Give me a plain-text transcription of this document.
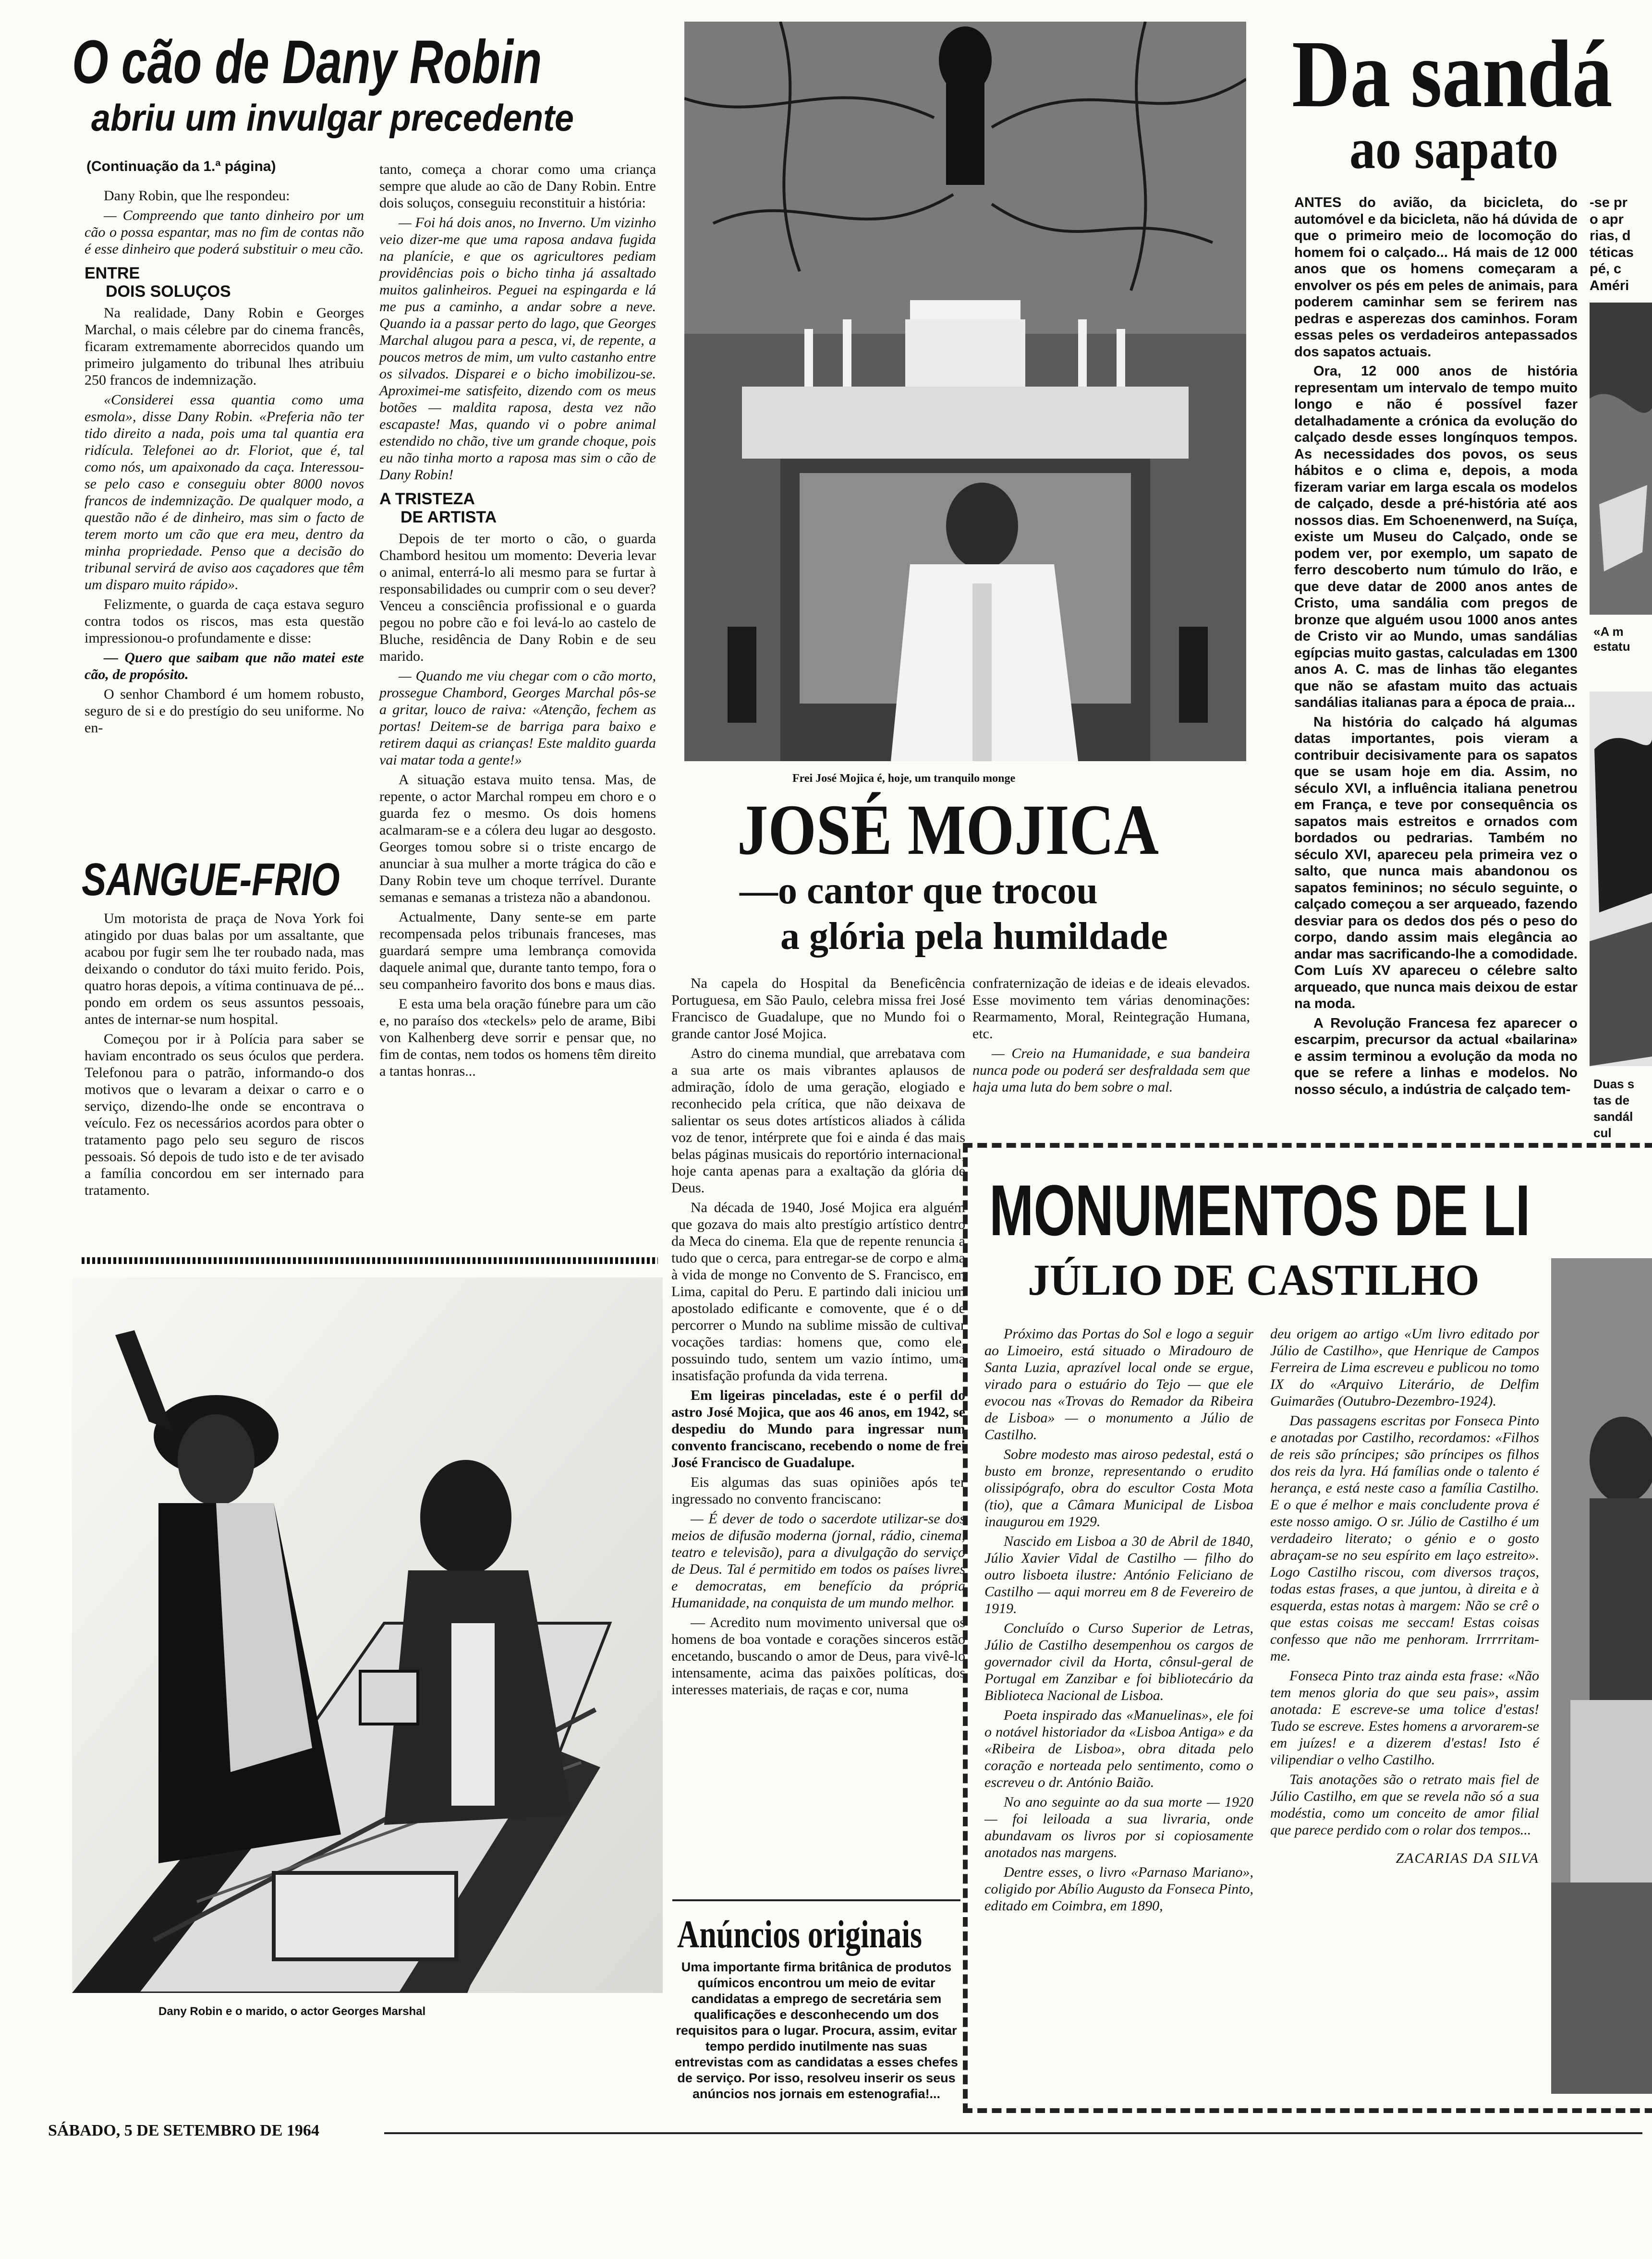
O cão de Dany Robin
abriu um invulgar precedente
(Continuação da 1.ª página)

Dany Robin, que lhe respondeu:

— Compreendo que tanto dinheiro por um cão o possa espantar, mas no fim de contas não é esse dinheiro que poderá substituir o meu cão.

ENTRE
DOIS SOLUÇOS

Na realidade, Dany Robin e Georges Marchal, o mais célebre par do cinema francês, ficaram extremamente aborrecidos quando um primeiro julgamento do tribunal lhes atribuiu 250 francos de indemnização.

«Considerei essa quantia como uma esmola», disse Dany Robin. «Preferia não ter tido direito a nada, pois uma tal quantia era ridícula. Telefonei ao dr. Floriot, que é, tal como nós, um apaixonado da caça. Interessou-se pelo caso e conseguiu obter 8000 novos francos de indemnização. De qualquer modo, a questão não é de dinheiro, mas sim o facto de terem morto um cão que era meu, dentro da minha propriedade. Penso que a decisão do tribunal servirá de aviso aos caçadores que têm um disparo muito rápido».

Felizmente, o guarda de caça estava seguro contra todos os riscos, mas esta questão impressionou-o profundamente e disse:

— Quero que saibam que não matei este cão, de propósito.

O senhor Chambord é um homem robusto, seguro de si e do prestígio do seu uniforme. No en-

tanto, começa a chorar como uma criança sempre que alude ao cão de Dany Robin. Entre dois soluços, conseguiu reconstituir a história:

— Foi há dois anos, no Inverno. Um vizinho veio dizer-me que uma raposa andava fugida na planície, e que os agricultores pediam providências pois o bicho tinha já assaltado muitos galinheiros. Peguei na espingarda e lá me pus a caminho, a andar sobre a neve. Quando ia a passar perto do lago, que Georges Marchal alugou para a pesca, vi, de repente, a poucos metros de mim, um vulto castanho entre os silvados. Disparei e o bicho imobilizou-se. Aproximei-me satisfeito, dizendo com os meus botões — maldita raposa, desta vez não escapaste! Mas, quando vi o pobre animal estendido no chão, tive um grande choque, pois eu não tinha morto a raposa mas sim o cão de Dany Robin!

A TRISTEZA
DE ARTISTA

Depois de ter morto o cão, o guarda Chambord hesitou um momento: Deveria levar o animal, enterrá-lo ali mesmo para se furtar à responsabilidades ou cumprir com o seu dever? Venceu a consciência profissional e o guarda pegou no pobre cão e foi levá-lo ao castelo de Bluche, residência de Dany Robin e de seu marido.

— Quando me viu chegar com o cão morto, prossegue Chambord, Georges Marchal pôs-se a gritar, louco de raiva: «Atenção, fechem as portas! Deitem-se de barriga para baixo e retirem daqui as crianças! Este maldito guarda vai matar toda a gente!»

A situação estava muito tensa. Mas, de repente, o actor Marchal rompeu em choro e o guarda fez o mesmo. Os dois homens acalmaram-se e a cólera deu lugar ao desgosto. Georges tomou sobre si o triste encargo de anunciar à sua mulher a morte trágica do cão e Dany Robin teve um choque terrível. Durante semanas e semanas a tristeza não a abandonou.

Actualmente, Dany sente-se em parte recompensada pelos tribunais franceses, mas guardará sempre uma lembrança comovida daquele animal que, durante tanto tempo, fora o seu companheiro favorito dos bons e maus dias.

E esta uma bela oração fúnebre para um cão e, no paraíso dos «teckels» pelo de arame, Bibi von Kalhenberg deve sorrir e pensar que, no fim de contas, nem todos os homens têm direito a tantas honras...

SANGUE-FRIO

Um motorista de praça de Nova York foi atingido por duas balas por um assaltante, que acabou por fugir sem lhe ter roubado nada, mas deixando o condutor do táxi muito ferido. Pois, quatro horas depois, a vítima continuava de pé... pondo em ordem os seus assuntos pessoais, antes de internar-se num hospital.

Começou por ir à Polícia para saber se haviam encontrado os seus óculos que perdera. Telefonou para o patrão, informando-o dos motivos que o levaram a deixar o carro e o serviço, dizendo-lhe onde se encontrava o veículo. Fez os necessários acordos para obter o tratamento pago pelo seu seguro de riscos pessoais. Só depois de tudo isto e de ter avisado a família concordou em ser internado para tratamento.

Dany Robin e o marido, o actor Georges Marshal
Frei José Mojica é, hoje, um tranquilo monge
JOSÉ MOJICA
—o cantor que trocou
a glória pela humildade

Na capela do Hospital da Beneficência Portuguesa, em São Paulo, celebra missa frei José Francisco de Guadalupe, que no Mundo foi o grande cantor José Mojica.

Astro do cinema mundial, que arrebatava com a sua arte os mais vibrantes aplausos de admiração, ídolo de uma geração, elogiado e reconhecido pela crítica, que não deixava de salientar os seus dotes artísticos aliados à cálida voz de tenor, intérprete que foi e ainda é das mais belas páginas musicais do reportório internacional, hoje canta apenas para a exaltação da glória de Deus.

Na década de 1940, José Mojica era alguém que gozava do mais alto prestígio artístico dentro da Meca do cinema. Ela que de repente renuncia a tudo que o cerca, para entregar-se de corpo e alma à vida de monge no Convento de S. Francisco, em Lima, capital do Peru. E partindo dali iniciou um apostolado edificante e comovente, que é o de percorrer o Mundo na sublime missão de cultivar vocações tardias: homens que, como ele, possuindo tudo, sentem um vazio íntimo, uma insatisfação profunda da vida terrena.

Em ligeiras pinceladas, este é o perfil do astro José Mojica, que aos 46 anos, em 1942, se despediu do Mundo para ingressar num convento franciscano, recebendo o nome de frei José Francisco de Guadalupe.

Eis algumas das suas opiniões após ter ingressado no convento franciscano:

— É dever de todo o sacerdote utilizar-se dos meios de difusão moderna (jornal, rádio, cinema, teatro e televisão), para a divulgação do serviço de Deus. Tal é permitido em todos os países livres e democratas, em benefício da própria Humanidade, na conquista de um mundo melhor.

— Acredito num movimento universal que os homens de boa vontade e corações sinceros estão encetando, buscando o amor de Deus, para vivê-lo intensamente, acima das paixões políticas, dos interesses materiais, de raças e cor, numa

confraternização de ideias e de ideais elevados. Esse movimento tem várias denominações: Rearmamento, Moral, Reintegração Humana, etc.

— Creio na Humanidade, e sua bandeira nunca pode ou poderá ser desfraldada sem que haja uma luta do bem sobre o mal.

Anúncios originais
Uma importante firma britânica de produtos químicos encontrou um meio de evitar candidatas a emprego de secretária sem qualificações e desconhecendo um dos requisitos para o lugar. Procura, assim, evitar tempo perdido inutilmente nas suas entrevistas com as candidatas a esses chefes de serviço. Por isso, resolveu inserir os seus anúncios nos jornais em estenografia!...
Da sandá
ao sapato

ANTES do avião, da bicicleta, do automóvel e da bicicleta, não há dúvida de que o primeiro meio de locomoção do homem foi o calçado... Há mais de 12 000 anos que os homens começaram a envolver os pés em peles de animais, para poderem caminhar sem se ferirem nas pedras e asperezas dos caminhos. Foram essas peles os verdadeiros antepassados dos sapatos actuais.

Ora, 12 000 anos de história representam um intervalo de tempo muito longo e não é possível fazer detalhadamente a crónica da evolução do calçado desde esses longínquos tempos. As necessidades dos povos, os seus hábitos e o clima e, depois, a moda fizeram variar em larga escala os modelos de calçado, desde a pré-história até aos nossos dias. Em Schoenenwerd, na Suíça, existe um Museu do Calçado, onde se podem ver, por exemplo, um sapato de ferro descoberto num túmulo do Irão, e que deve datar de 2000 anos antes de Cristo, uma sandália com pregos de bronze que alguém usou 1000 anos antes de Cristo vir ao Mundo, umas sandálias egípcias muito gastas, calculadas em 1300 anos A. C. mas de linhas tão elegantes que não se afastam muito das actuais sandálias italianas para a época de praia...

Na história do calçado há algumas datas importantes, pois vieram a contribuir decisivamente para os sapatos que se usam hoje em dia. Assim, no século XVI, a influência italiana penetrou em França, e teve por consequência os sapatos mais estreitos e ornados com bordados ou pedrarias. Também no século XVI, apareceu pela primeira vez o salto, que nunca mais abandonou os sapatos femininos; no século seguinte, o calçado começou a ser arqueado, fazendo desviar para os dedos dos pés o peso do corpo, dando assim mais elegância ao andar mas sacrificando-lhe a comodidade. Com Luís XV apareceu o célebre salto arqueado, que nunca mais deixou de estar na moda.

A Revolução Francesa fez aparecer o escarpim, precursor da actual «bailarina» e assim terminou a evolução da moda no que se refere a linhas e modelos. No nosso século, a indústria de calçado tem-

-se pr
o apr
rias, d
téticas
pé, c
Améri
«A m
estatu
Duas s
tas de
sandál
cul
MONUMENTOS DE LI
JÚLIO DE CASTILHO

Próximo das Portas do Sol e logo a seguir ao Limoeiro, está situado o Miradouro de Santa Luzia, aprazível local onde se ergue, virado para o estuário do Tejo — que ele evocou nas «Trovas do Remador da Ribeira de Lisboa» — o monumento a Júlio de Castilho.

Sobre modesto mas airoso pedestal, está o busto em bronze, representando o erudito olissipógrafo, obra do escultor Costa Mota (tio), que a Câmara Municipal de Lisboa inaugurou em 1929.

Nascido em Lisboa a 30 de Abril de 1840, Júlio Xavier Vidal de Castilho — filho do outro lisboeta ilustre: António Feliciano de Castilho — aqui morreu em 8 de Fevereiro de 1919.

Concluído o Curso Superior de Letras, Júlio de Castilho desempenhou os cargos de governador civil da Horta, cônsul-geral de Portugal em Zanzibar e foi bibliotecário da Biblioteca Nacional de Lisboa.

Poeta inspirado das «Manuelinas», ele foi o notável historiador da «Lisboa Antiga» e da «Ribeira de Lisboa», obra ditada pelo coração e norteada pelo sentimento, como o escreveu o dr. António Baião.

No ano seguinte ao da sua morte — 1920 — foi leiloada a sua livraria, onde abundavam os livros por si copiosamente anotados nas margens.

Dentre esses, o livro «Parnaso Mariano», coligido por Abílio Augusto da Fonseca Pinto, editado em Coimbra, em 1890,

deu origem ao artigo «Um livro editado por Júlio de Castilho», que Henrique de Campos Ferreira de Lima escreveu e publicou no tomo IX do «Arquivo Literário, de Delfim Guimarães (Outubro-Dezembro-1924).

Das passagens escritas por Fonseca Pinto e anotadas por Castilho, recordamos: «Filhos de reis são príncipes; são príncipes os filhos dos reis da lyra. Há famílias onde o talento é herança, e está neste caso a família Castilho. E o que é melhor e mais concludente prova é este nosso amigo. O sr. Júlio de Castilho é um verdadeiro literato; o génio e o gosto abraçam-se no seu espírito em laço estreito». Logo Castilho riscou, com diversos traços, todas estas frases, a que juntou, à direita e à esquerda, estas notas à margem: Não se crê o que estas coisas me seccam! Estas coisas confesso que não me penhoram. Irrrrritam-me.

Fonseca Pinto traz ainda esta frase: «Não tem menos gloria do que seu pais», assim anotada: E escreve-se uma tolice d'estas! Tudo se escreve. Estes homens a arvorarem-se em juízes! e a dizerem d'estas! Isto é vilipendiar o velho Castilho.

Tais anotações são o retrato mais fiel de Júlio Castilho, em que se revela não só a sua modéstia, como um conceito de amor filial que parece perdido com o rolar dos tempos...

ZACARIAS DA SILVA
SÁBADO, 5 DE SETEMBRO DE 1964
